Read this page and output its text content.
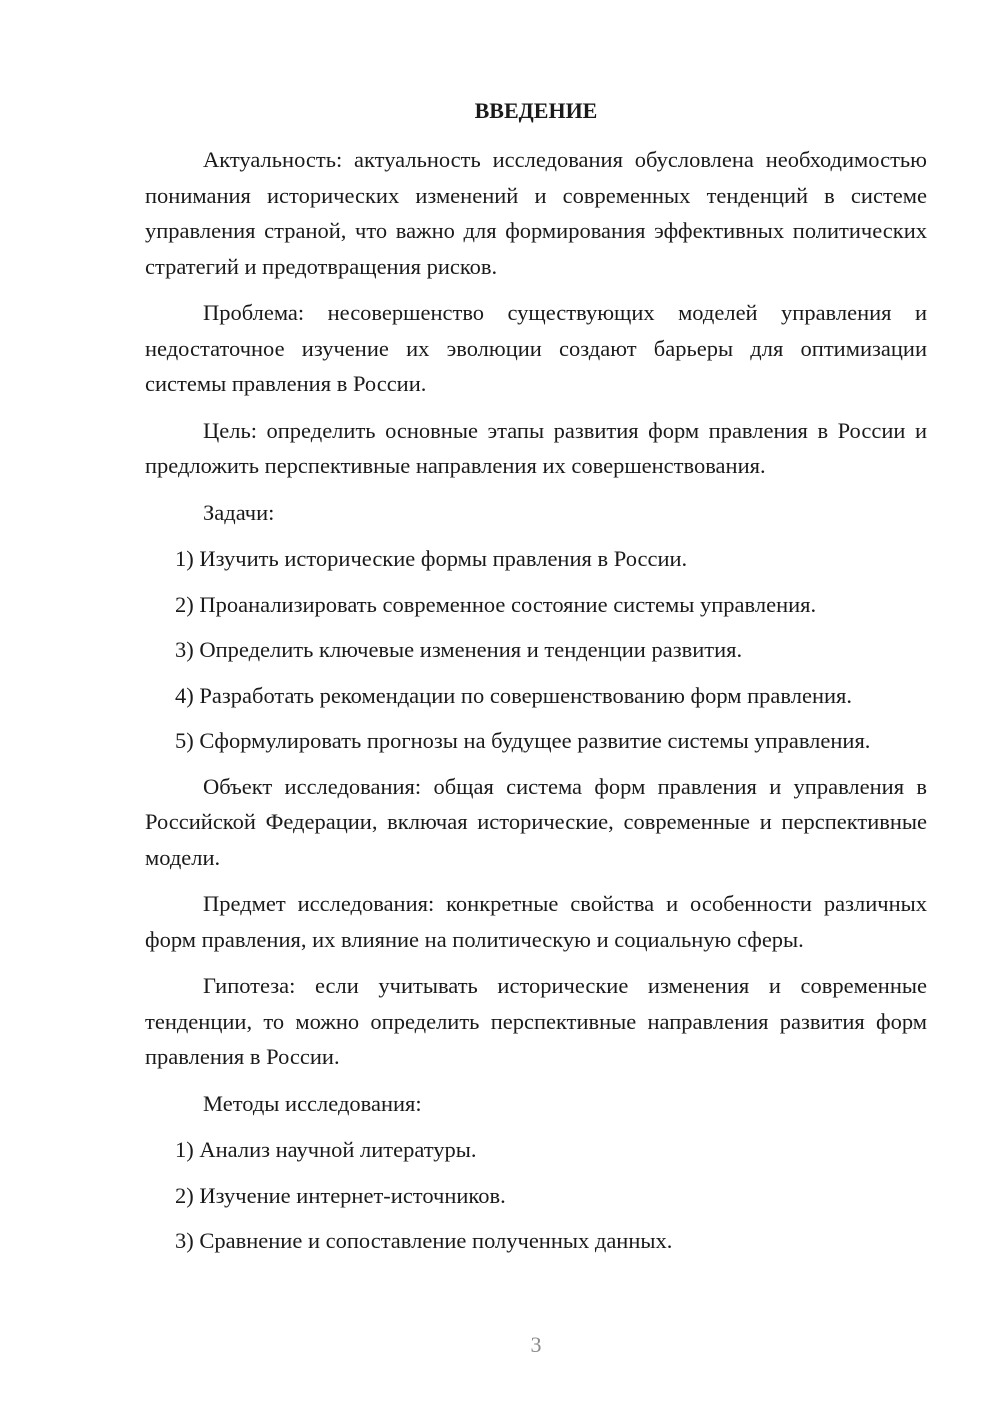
ВВЕДЕНИЕ

Актуальность: актуальность исследования обусловлена необходимостью понимания исторических изменений и современных тенденций в системе управления страной, что важно для формирования эффективных политических стратегий и предотвращения рисков.

Проблема: несовершенство существующих моделей управления и недостаточное изучение их эволюции создают барьеры для оптимизации системы правления в России.

Цель: определить основные этапы развития форм правления в России и предложить перспективные направления их совершенствования.

Задачи:

1) Изучить исторические формы правления в России.

2) Проанализировать современное состояние системы управления.

3) Определить ключевые изменения и тенденции развития.

4) Разработать рекомендации по совершенствованию форм правления.

5) Сформулировать прогнозы на будущее развитие системы управления.

Объект исследования: общая система форм правления и управления в Российской Федерации, включая исторические, современные и перспективные модели.

Предмет исследования: конкретные свойства и особенности различных форм правления, их влияние на политическую и социальную сферы.

Гипотеза: если учитывать исторические изменения и современные тенденции, то можно определить перспективные направления развития форм правления в России.

Методы исследования:

1) Анализ научной литературы.

2) Изучение интернет-источников.

3) Сравнение и сопоставление полученных данных.

3
